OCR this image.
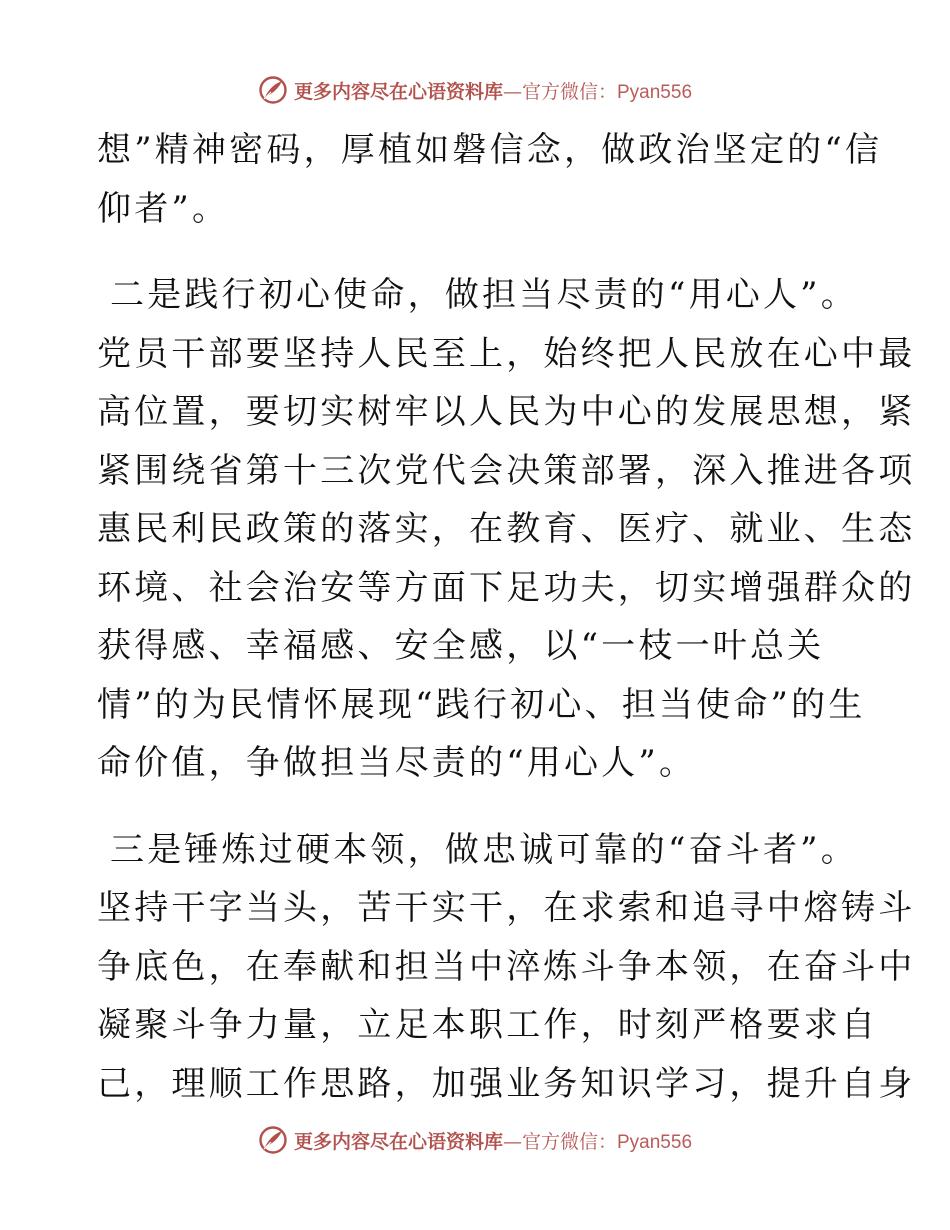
更多内容尽在心语资料库—官方微信：Pyan556
想”精神密码，厚植如磐信念，做政治坚定的“信
仰者”。
二是践行初心使命，做担当尽责的“用心人”。
党员干部要坚持人民至上，始终把人民放在心中最
高位置，要切实树牢以人民为中心的发展思想，紧
紧围绕省第十三次党代会决策部署，深入推进各项
惠民利民政策的落实，在教育、医疗、就业、生态
环境、社会治安等方面下足功夫，切实增强群众的
获得感、幸福感、安全感，以“一枝一叶总关
情”的为民情怀展现“践行初心、担当使命”的生
命价值，争做担当尽责的“用心人”。
三是锤炼过硬本领，做忠诚可靠的“奋斗者”。
坚持干字当头，苦干实干，在求索和追寻中熔铸斗
争底色，在奉献和担当中淬炼斗争本领，在奋斗中
凝聚斗争力量，立足本职工作，时刻严格要求自
己，理顺工作思路，加强业务知识学习，提升自身
更多内容尽在心语资料库—官方微信：Pyan556
